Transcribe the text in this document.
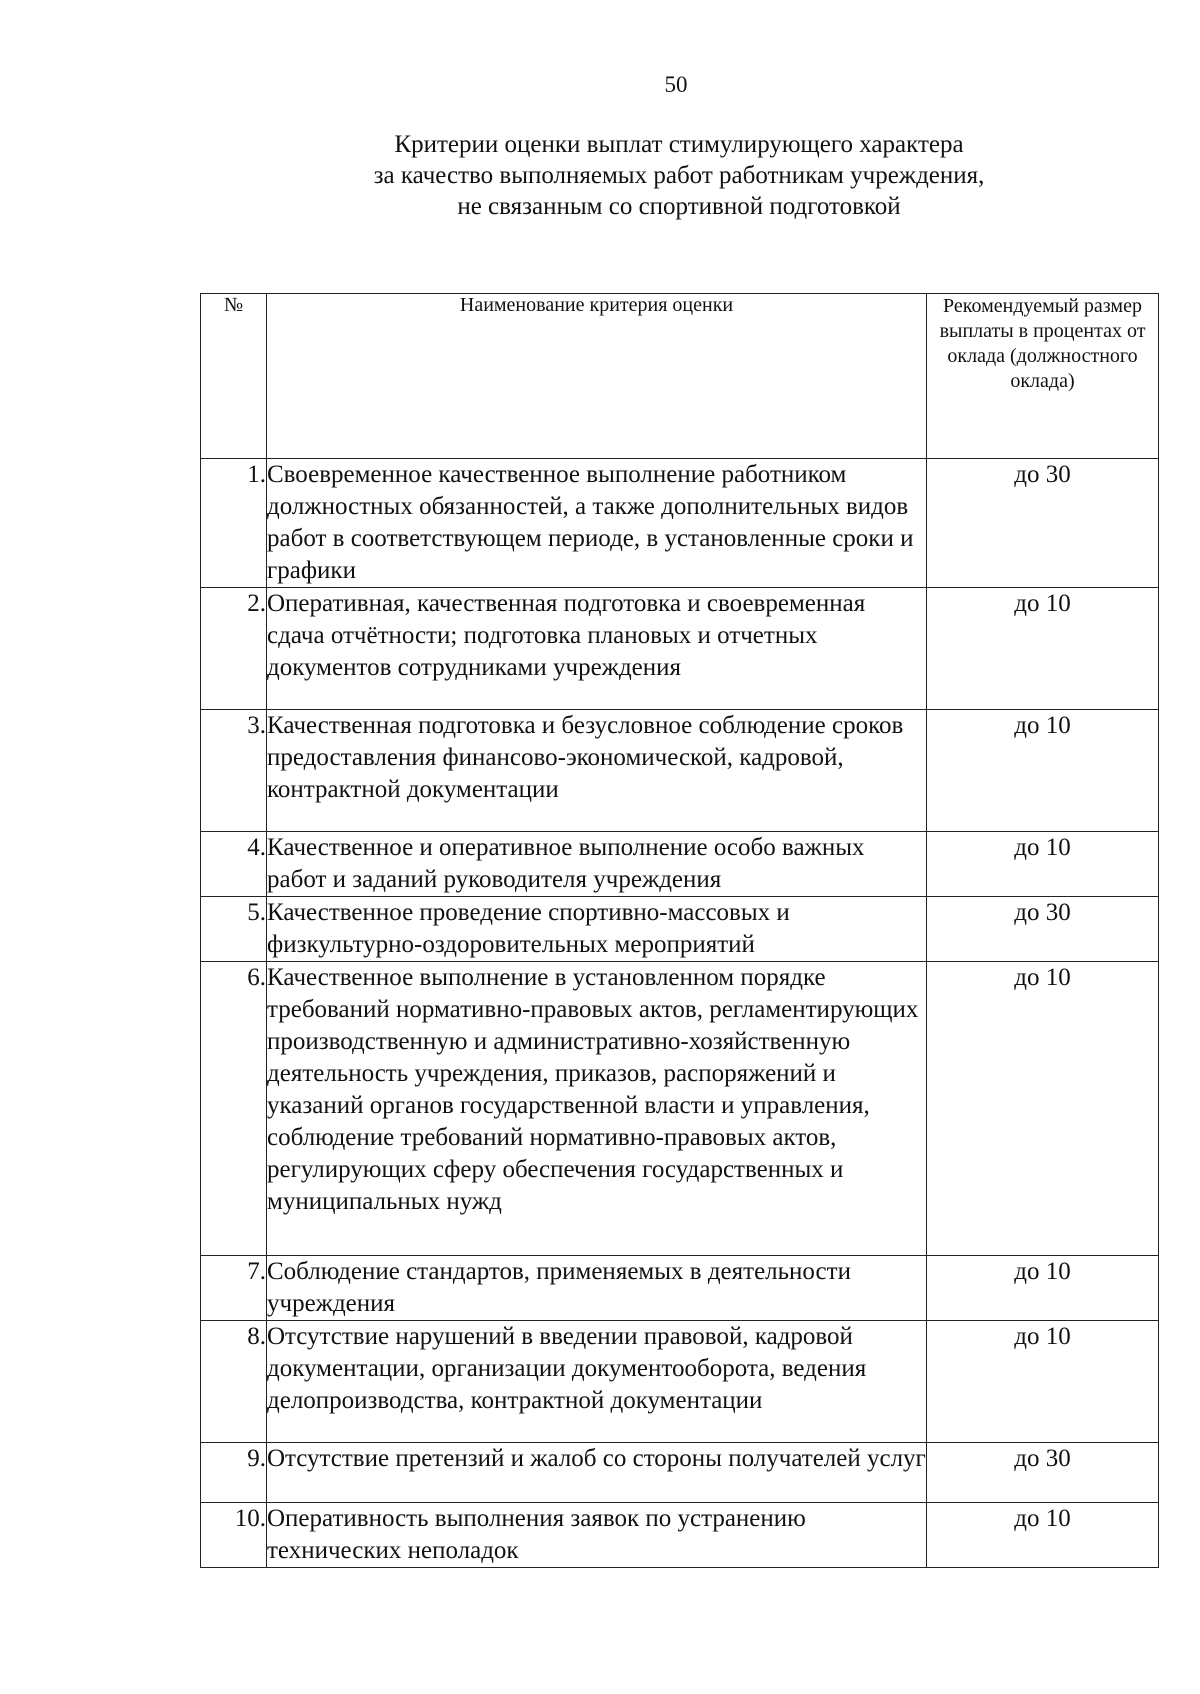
50
Критерии оценки выплат стимулирующего характера
за качество выполняемых работ работникам учреждения,
не связанным со спортивной подготовкой
№	Наименование критерия оценки	Рекомендуемый размер выплаты в процентах от оклада (должностного оклада)
1.	Своевременное качественное выполнение работником должностных обязанностей, а также дополнительных видов работ в соответствующем периоде, в установленные сроки и графики	до 30
2.	Оперативная, качественная подготовка и своевременная сдача отчётности; подготовка плановых и отчетных документов сотрудниками учреждения	до 10
3.	Качественная подготовка и безусловное соблюдение сроков предоставления финансово-экономической, кадровой, контрактной документации	до 10
4.	Качественное и оперативное выполнение особо важных работ и заданий руководителя учреждения	до 10
5.	Качественное проведение спортивно-массовых и физкультурно-оздоровительных мероприятий	до 30
6.	Качественное выполнение в установленном порядке требований нормативно-правовых актов, регламентирующих производственную и административно-хозяйственную деятельность учреждения, приказов, распоряжений и указаний органов государственной власти и управления, соблюдение требований нормативно-правовых актов, регулирующих сферу обеспечения государственных и муниципальных нужд	до 10
7.	Соблюдение стандартов, применяемых в деятельности учреждения	до 10
8.	Отсутствие нарушений в введении правовой, кадровой документации, организации документооборота, ведения делопроизводства, контрактной документации	до 10
9.	Отсутствие претензий и жалоб со стороны получателей услуг	до 30
10.	Оперативность выполнения заявок по устранению технических неполадок	до 10
